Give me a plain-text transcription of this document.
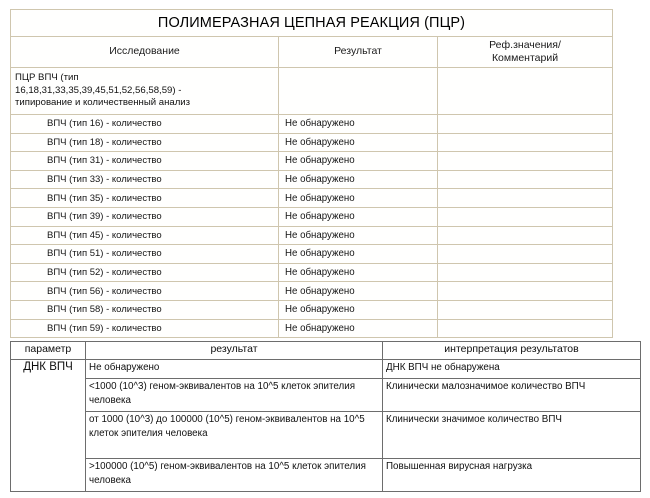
ПОЛИМЕРАЗНАЯ ЦЕПНАЯ РЕАКЦИЯ (ПЦР)		
Исследование	Результат	Реф.значения/
Комментарий

ПЦР ВПЧ (тип
16,18,31,33,35,39,45,51,52,56,58,59) -
типирование и количественный анализ		

ВПЧ (тип 16) - количество	Не обнаружено	
ВПЧ (тип 18) - количество	Не обнаружено	
ВПЧ (тип 31) - количество	Не обнаружено	
ВПЧ (тип 33) - количество	Не обнаружено	
ВПЧ (тип 35) - количество	Не обнаружено	
ВПЧ (тип 39) - количество	Не обнаружено	
ВПЧ (тип 45) - количество	Не обнаружено	
ВПЧ (тип 51) - количество	Не обнаружено	
ВПЧ (тип 52) - количество	Не обнаружено	
ВПЧ (тип 56) - количество	Не обнаружено	
ВПЧ (тип 58) - количество	Не обнаружено	
ВПЧ (тип 59) - количество	Не обнаружено	
параметр	результат	интерпретация результатов
ДНК ВПЧ	Не обнаружено	ДНК ВПЧ не обнаружена
	<1000 (10^3) геном-эквивалентов на 10^5 клеток эпителия человека	Клинически малозначимое количество ВПЧ
	от 1000 (10^3) до 100000 (10^5) геном-эквивалентов на 10^5 клеток эпителия человека	Клинически значимое количество ВПЧ
	>100000 (10^5) геном-эквивалентов на 10^5 клеток эпителия человека	Повышенная вирусная нагрузка
